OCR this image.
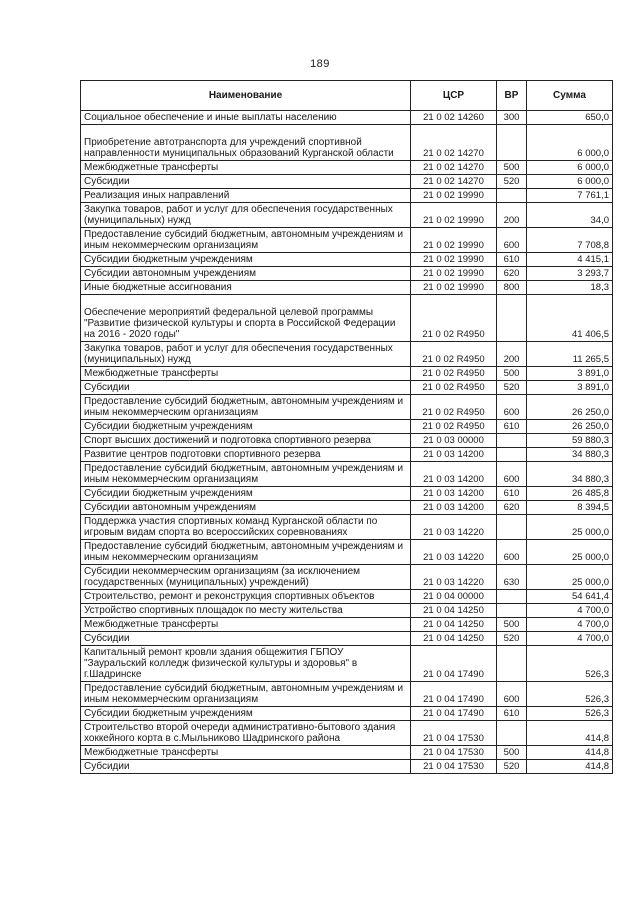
189
Наименование	ЦСР	ВР	Сумма
Социальное обеспечение и иные выплаты населению	21 0 02 14260	300	650,0
Приобретение автотранспорта для учреждений спортивной направленности муниципальных образований Курганской области	21 0 02 14270		6 000,0
Межбюджетные трансферты	21 0 02 14270	500	6 000,0
Субсидии	21 0 02 14270	520	6 000,0
Реализация иных направлений	21 0 02 19990		7 761,1
Закупка товаров, работ и услуг для обеспечения государственных (муниципальных) нужд	21 0 02 19990	200	34,0
Предоставление субсидий бюджетным, автономным учреждениям и иным некоммерческим организациям	21 0 02 19990	600	7 708,8
Субсидии бюджетным учреждениям	21 0 02 19990	610	4 415,1
Субсидии автономным учреждениям	21 0 02 19990	620	3 293,7
Иные бюджетные ассигнования	21 0 02 19990	800	18,3
Обеспечение мероприятий федеральной целевой программы "Развитие физической культуры и спорта в Российской Федерации на 2016 - 2020 годы"	21 0 02 R4950		41 406,5
Закупка товаров, работ и услуг для обеспечения государственных (муниципальных) нужд	21 0 02 R4950	200	11 265,5
Межбюджетные трансферты	21 0 02 R4950	500	3 891,0
Субсидии	21 0 02 R4950	520	3 891,0
Предоставление субсидий бюджетным, автономным учреждениям и иным некоммерческим организациям	21 0 02 R4950	600	26 250,0
Субсидии бюджетным учреждениям	21 0 02 R4950	610	26 250,0
Спорт высших достижений и подготовка спортивного резерва	21 0 03 00000		59 880,3
Развитие центров подготовки спортивного резерва	21 0 03 14200		34 880,3
Предоставление субсидий бюджетным, автономным учреждениям и иным некоммерческим организациям	21 0 03 14200	600	34 880,3
Субсидии бюджетным учреждениям	21 0 03 14200	610	26 485,8
Субсидии автономным учреждениям	21 0 03 14200	620	8 394,5
Поддержка участия спортивных команд Курганской области по игровым видам спорта во всероссийских соревнованиях	21 0 03 14220		25 000,0
Предоставление субсидий бюджетным, автономным учреждениям и иным некоммерческим организациям	21 0 03 14220	600	25 000,0
Субсидии некоммерческим организациям (за исключением государственных (муниципальных) учреждений)	21 0 03 14220	630	25 000,0
Строительство, ремонт и реконструкция спортивных объектов	21 0 04 00000		54 641,4
Устройство спортивных площадок по месту жительства	21 0 04 14250		4 700,0
Межбюджетные трансферты	21 0 04 14250	500	4 700,0
Субсидии	21 0 04 14250	520	4 700,0
Капитальный ремонт кровли здания общежития ГБПОУ "Зауральский колледж физической культуры и здоровья" в г.Шадринске	21 0 04 17490		526,3
Предоставление субсидий бюджетным, автономным учреждениям и иным некоммерческим организациям	21 0 04 17490	600	526,3
Субсидии бюджетным учреждениям	21 0 04 17490	610	526,3
Строительство второй очереди административно-бытового здания хоккейного корта в с.Мыльниково Шадринского района	21 0 04 17530		414,8
Межбюджетные трансферты	21 0 04 17530	500	414,8
Субсидии	21 0 04 17530	520	414,8
